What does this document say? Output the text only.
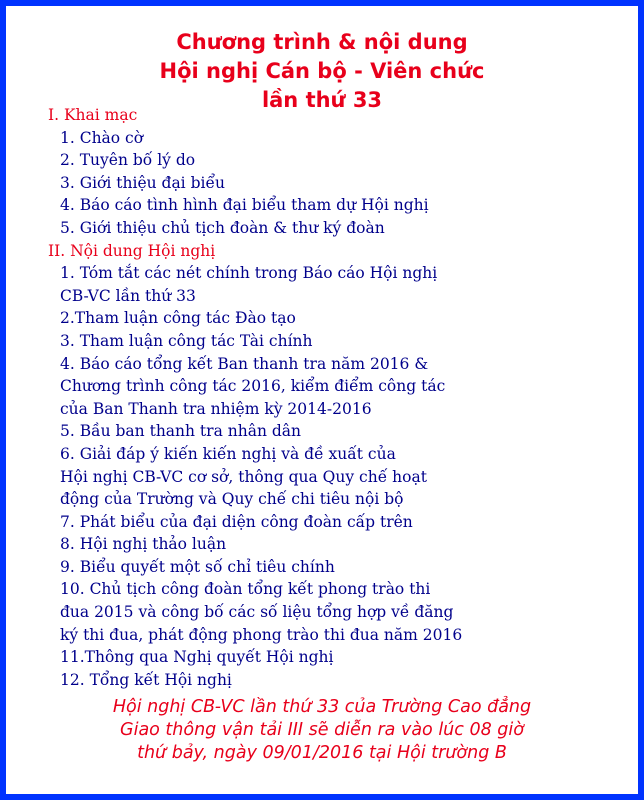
Chương trình & nội dung
Hội nghị Cán bộ - Viên chức
lần thứ 33
I. Khai mạc
1. Chào cờ
2. Tuyên bố lý do
3. Giới thiệu đại biểu
4. Báo cáo tình hình đại biểu tham dự Hội nghị
5. Giới thiệu chủ tịch đoàn & thư ký đoàn
II. Nội dung Hội nghị
1. Tóm tắt các nét chính trong Báo cáo Hội nghị
CB-VC lần thứ 33
2.Tham luận công tác Đào tạo
3. Tham luận công tác Tài chính
4. Báo cáo tổng kết Ban thanh tra năm 2016 &
Chương trình công tác 2016, kiểm điểm công tác
của Ban Thanh tra nhiệm kỳ 2014-2016
5. Bầu ban thanh tra nhân dân
6. Giải đáp ý kiến kiến nghị và đề xuất của
Hội nghị CB-VC cơ sở, thông qua Quy chế hoạt
động của Trường và Quy chế chi tiêu nội bộ
7. Phát biểu của đại diện công đoàn cấp trên
8. Hội nghị thảo luận
9. Biểu quyết một số chỉ tiêu chính
10. Chủ tịch công đoàn tổng kết phong trào thi
đua 2015 và công bố các số liệu tổng hợp về đăng
ký thi đua, phát động phong trào thi đua năm 2016
11.Thông qua Nghị quyết Hội nghị
12. Tổng kết Hội nghị
Hội nghị CB-VC lần thứ 33 của Trường Cao đẳng
Giao thông vận tải III sẽ diễn ra vào lúc 08 giờ
thứ bảy, ngày 09/01/2016 tại Hội trường B
